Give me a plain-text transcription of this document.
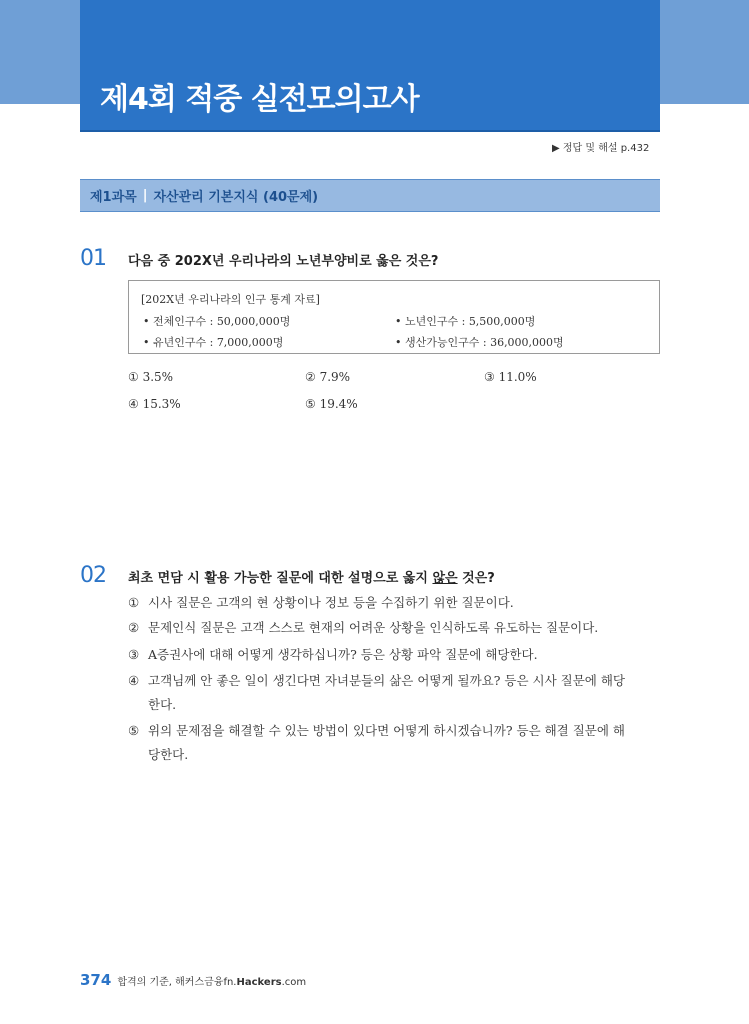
제4회 적중 실전모의고사
▶ 정답 및 해설 p.432
제1과목 | 자산관리 기본지식 (40문제)
01 다음 중 202X년 우리나라의 노년부양비로 옳은 것은?
[202X년 우리나라의 인구 통계 자료]
• 전체인구수 : 50,000,000명	• 노년인구수 : 5,500,000명
• 유년인구수 : 7,000,000명	• 생산가능인구수 : 36,000,000명
① 3.5%	② 7.9%	③ 11.0%
④ 15.3%	⑤ 19.4%
02 최초 면담 시 활용 가능한 질문에 대한 설명으로 옳지 않은 것은?
① 시사 질문은 고객의 현 상황이나 정보 등을 수집하기 위한 질문이다.
② 문제인식 질문은 고객 스스로 현재의 어려운 상황을 인식하도록 유도하는 질문이다.
③ A증권사에 대해 어떻게 생각하십니까? 등은 상황 파악 질문에 해당한다.
④ 고객님께 안 좋은 일이 생긴다면 자녀분들의 삶은 어떻게 될까요? 등은 시사 질문에 해당
한다.
⑤ 위의 문제점을 해결할 수 있는 방법이 있다면 어떻게 하시겠습니까? 등은 해결 질문에 해
당한다.
374 합격의 기준, 해커스금융 fn.Hackers.com
